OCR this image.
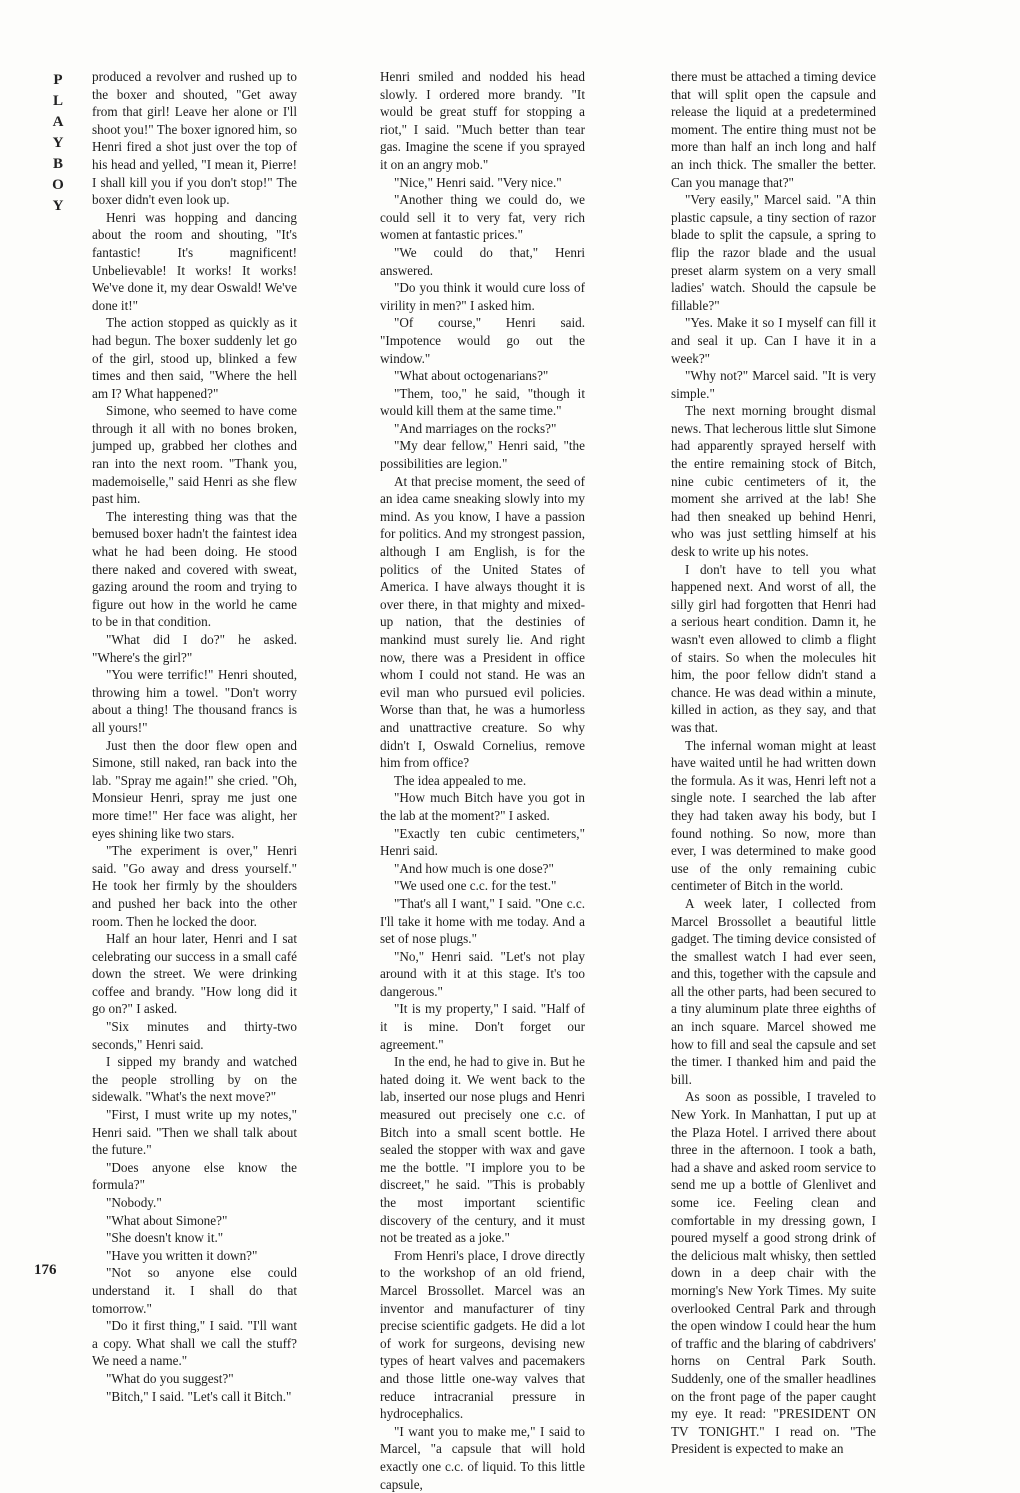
P
L
A
Y
B
O
Y

produced a revolver and rushed up to the boxer and shouted, "Get away from that girl! Leave her alone or I'll shoot you!" The boxer ignored him, so Henri fired a shot just over the top of his head and yelled, "I mean it, Pierre! I shall kill you if you don't stop!" The boxer didn't even look up.

Henri was hopping and dancing about the room and shouting, "It's fantastic! It's magnificent! Unbelievable! It works! It works! We've done it, my dear Oswald! We've done it!"

The action stopped as quickly as it had begun. The boxer suddenly let go of the girl, stood up, blinked a few times and then said, "Where the hell am I? What happened?"

Simone, who seemed to have come through it all with no bones broken, jumped up, grabbed her clothes and ran into the next room. "Thank you, mademoiselle," said Henri as she flew past him.

The interesting thing was that the bemused boxer hadn't the faintest idea what he had been doing. He stood there naked and covered with sweat, gazing around the room and trying to figure out how in the world he came to be in that condition.

"What did I do?" he asked. "Where's the girl?"

"You were terrific!" Henri shouted, throwing him a towel. "Don't worry about a thing! The thousand francs is all yours!"

Just then the door flew open and Simone, still naked, ran back into the lab. "Spray me again!" she cried. "Oh, Monsieur Henri, spray me just one more time!" Her face was alight, her eyes shining like two stars.

"The experiment is over," Henri said. "Go away and dress yourself." He took her firmly by the shoulders and pushed her back into the other room. Then he locked the door.

Half an hour later, Henri and I sat celebrating our success in a small café down the street. We were drinking coffee and brandy. "How long did it go on?" I asked.

"Six minutes and thirty-two seconds," Henri said.

I sipped my brandy and watched the people strolling by on the sidewalk. "What's the next move?"

"First, I must write up my notes," Henri said. "Then we shall talk about the future."

"Does anyone else know the formula?"

"Nobody."

"What about Simone?"

"She doesn't know it."

"Have you written it down?"

"Not so anyone else could understand it. I shall do that tomorrow."

"Do it first thing," I said. "I'll want a copy. What shall we call the stuff? We need a name."

"What do you suggest?"

"Bitch," I said. "Let's call it Bitch."

Henri smiled and nodded his head slowly. I ordered more brandy. "It would be great stuff for stopping a riot," I said. "Much better than tear gas. Imagine the scene if you sprayed it on an angry mob."

"Nice," Henri said. "Very nice."

"Another thing we could do, we could sell it to very fat, very rich women at fantastic prices."

"We could do that," Henri answered.

"Do you think it would cure loss of virility in men?" I asked him.

"Of course," Henri said. "Impotence would go out the window."

"What about octogenarians?"

"Them, too," he said, "though it would kill them at the same time."

"And marriages on the rocks?"

"My dear fellow," Henri said, "the possibilities are legion."

At that precise moment, the seed of an idea came sneaking slowly into my mind. As you know, I have a passion for politics. And my strongest passion, although I am English, is for the politics of the United States of America. I have always thought it is over there, in that mighty and mixed-up nation, that the destinies of mankind must surely lie. And right now, there was a President in office whom I could not stand. He was an evil man who pursued evil policies. Worse than that, he was a humorless and unattractive creature. So why didn't I, Oswald Cornelius, remove him from office?

The idea appealed to me.

"How much Bitch have you got in the lab at the moment?" I asked.

"Exactly ten cubic centimeters," Henri said.

"And how much is one dose?"

"We used one c.c. for the test."

"That's all I want," I said. "One c.c. I'll take it home with me today. And a set of nose plugs."

"No," Henri said. "Let's not play around with it at this stage. It's too dangerous."

"It is my property," I said. "Half of it is mine. Don't forget our agreement."

In the end, he had to give in. But he hated doing it. We went back to the lab, inserted our nose plugs and Henri measured out precisely one c.c. of Bitch into a small scent bottle. He sealed the stopper with wax and gave me the bottle. "I implore you to be discreet," he said. "This is probably the most important scientific discovery of the century, and it must not be treated as a joke."

From Henri's place, I drove directly to the workshop of an old friend, Marcel Brossollet. Marcel was an inventor and manufacturer of tiny precise scientific gadgets. He did a lot of work for surgeons, devising new types of heart valves and pacemakers and those little one-way valves that reduce intracranial pressure in hydrocephalics.

"I want you to make me," I said to Marcel, "a capsule that will hold exactly one c.c. of liquid. To this little capsule,

there must be attached a timing device that will split open the capsule and release the liquid at a predetermined moment. The entire thing must not be more than half an inch long and half an inch thick. The smaller the better. Can you manage that?"

"Very easily," Marcel said. "A thin plastic capsule, a tiny section of razor blade to split the capsule, a spring to flip the razor blade and the usual preset alarm system on a very small ladies' watch. Should the capsule be fillable?"

"Yes. Make it so I myself can fill it and seal it up. Can I have it in a week?"

"Why not?" Marcel said. "It is very simple."

The next morning brought dismal news. That lecherous little slut Simone had apparently sprayed herself with the entire remaining stock of Bitch, nine cubic centimeters of it, the moment she arrived at the lab! She had then sneaked up behind Henri, who was just settling himself at his desk to write up his notes.

I don't have to tell you what happened next. And worst of all, the silly girl had forgotten that Henri had a serious heart condition. Damn it, he wasn't even allowed to climb a flight of stairs. So when the molecules hit him, the poor fellow didn't stand a chance. He was dead within a minute, killed in action, as they say, and that was that.

The infernal woman might at least have waited until he had written down the formula. As it was, Henri left not a single note. I searched the lab after they had taken away his body, but I found nothing. So now, more than ever, I was determined to make good use of the only remaining cubic centimeter of Bitch in the world.

A week later, I collected from Marcel Brossollet a beautiful little gadget. The timing device consisted of the smallest watch I had ever seen, and this, together with the capsule and all the other parts, had been secured to a tiny aluminum plate three eighths of an inch square. Marcel showed me how to fill and seal the capsule and set the timer. I thanked him and paid the bill.

As soon as possible, I traveled to New York. In Manhattan, I put up at the Plaza Hotel. I arrived there about three in the afternoon. I took a bath, had a shave and asked room service to send me up a bottle of Glenlivet and some ice. Feeling clean and comfortable in my dressing gown, I poured myself a good strong drink of the delicious malt whisky, then settled down in a deep chair with the morning's New York Times. My suite overlooked Central Park and through the open window I could hear the hum of traffic and the blaring of cabdrivers' horns on Central Park South. Suddenly, one of the smaller headlines on the front page of the paper caught my eye. It read: "PRESIDENT ON TV TONIGHT." I read on. "The President is expected to make an

176
